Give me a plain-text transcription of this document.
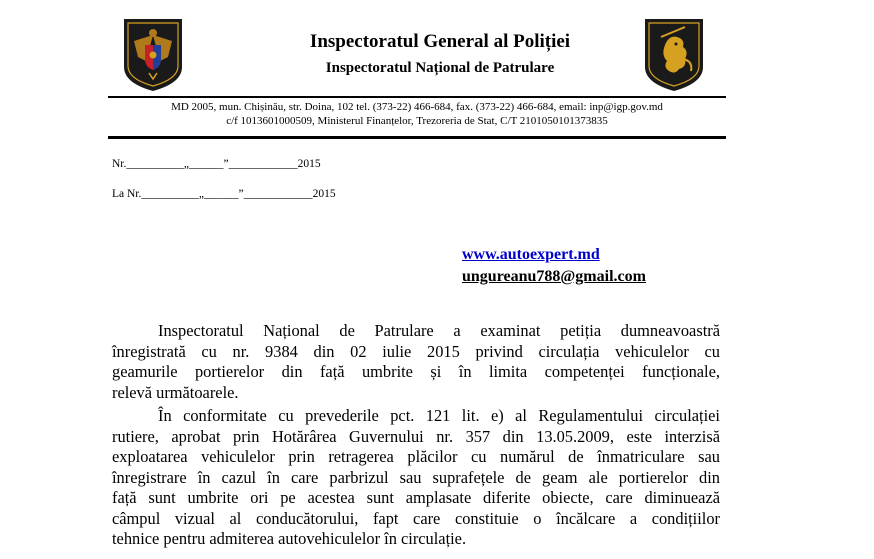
Inspectoratul General al Poliției
Inspectoratul Național de Patrulare
MD 2005, mun. Chișinău, str. Doina, 102 tel. (373-22) 466-684, fax. (373-22) 466-684, email: inp@igp.gov.md
c/f 1013601000509, Ministerul Finanțelor, Trezoreria de Stat, C/T 2101050101373835
Nr.__________„______”____________2015
La Nr.__________„______”____________2015
www.autoexpert.md
ungureanu788@gmail.com
Inspectoratul Național de Patrulare a examinat petiția dumneavoastră
înregistrată cu nr. 9384 din 02 iulie 2015 privind circulația vehiculelor cu
geamurile portierelor din față umbrite și în limita competenței funcționale,
relevă următoarele.
În conformitate cu prevederile pct. 121 lit. e) al Regulamentului circulației
rutiere, aprobat prin Hotărârea Guvernului nr. 357 din 13.05.2009, este interzisă
exploatarea vehiculelor prin retragerea plăcilor cu numărul de înmatriculare sau
înregistrare în cazul în care parbrizul sau suprafețele de geam ale portierelor din
față sunt umbrite ori pe acestea sunt amplasate diferite obiecte, care diminuează
câmpul vizual al conducătorului, fapt care constituie o încălcare a condițiilor
tehnice pentru admiterea autovehiculelor în circulație.
